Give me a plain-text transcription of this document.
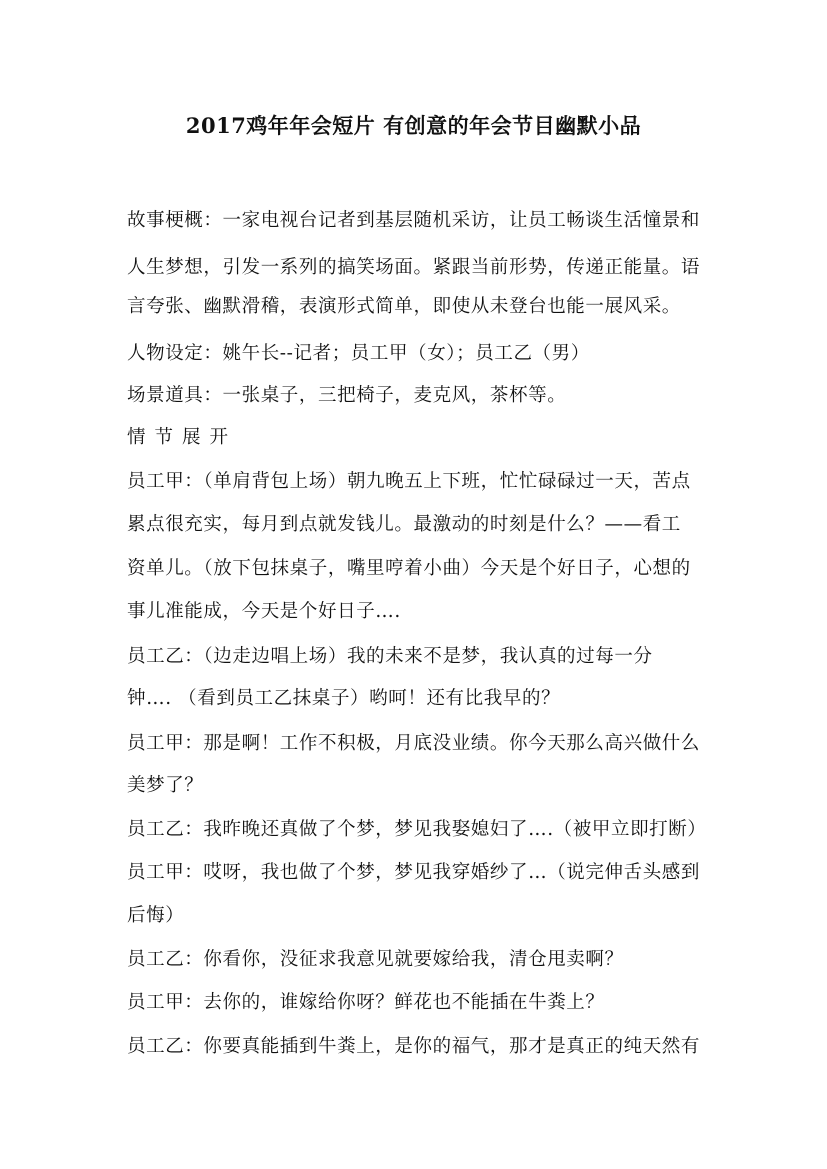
2017鸡年年会短片 有创意的年会节目幽默小品
故事梗概：一家电视台记者到基层随机采访，让员工畅谈生活憧景和
人生梦想，引发一系列的搞笑场面。紧跟当前形势，传递正能量。语
言夸张、幽默滑稽，表演形式简单，即使从未登台也能一展风采。
人物设定：姚午长--记者；员工甲（女）；员工乙（男）
场景道具：一张桌子，三把椅子，麦克风，茶杯等。
情节展开
员工甲：（单肩背包上场）朝九晚五上下班，忙忙碌碌过一天，苦点
累点很充实，每月到点就发钱儿。最激动的时刻是什么？——看工
资单儿。（放下包抹桌子，嘴里哼着小曲）今天是个好日子，心想的
事儿准能成，今天是个好日子….
员工乙：（边走边唱上场）我的未来不是梦，我认真的过每一分
钟…. （看到员工乙抹桌子）哟呵！还有比我早的？
员工甲：那是啊！工作不积极，月底没业绩。你今天那么高兴做什么
美梦了？
员工乙：我昨晚还真做了个梦，梦见我娶媳妇了….（被甲立即打断）
员工甲：哎呀，我也做了个梦，梦见我穿婚纱了…（说完伸舌头感到
后悔）
员工乙：你看你，没征求我意见就要嫁给我，清仓甩卖啊？
员工甲：去你的，谁嫁给你呀？鲜花也不能插在牛粪上？
员工乙：你要真能插到牛粪上，是你的福气，那才是真正的纯天然有
